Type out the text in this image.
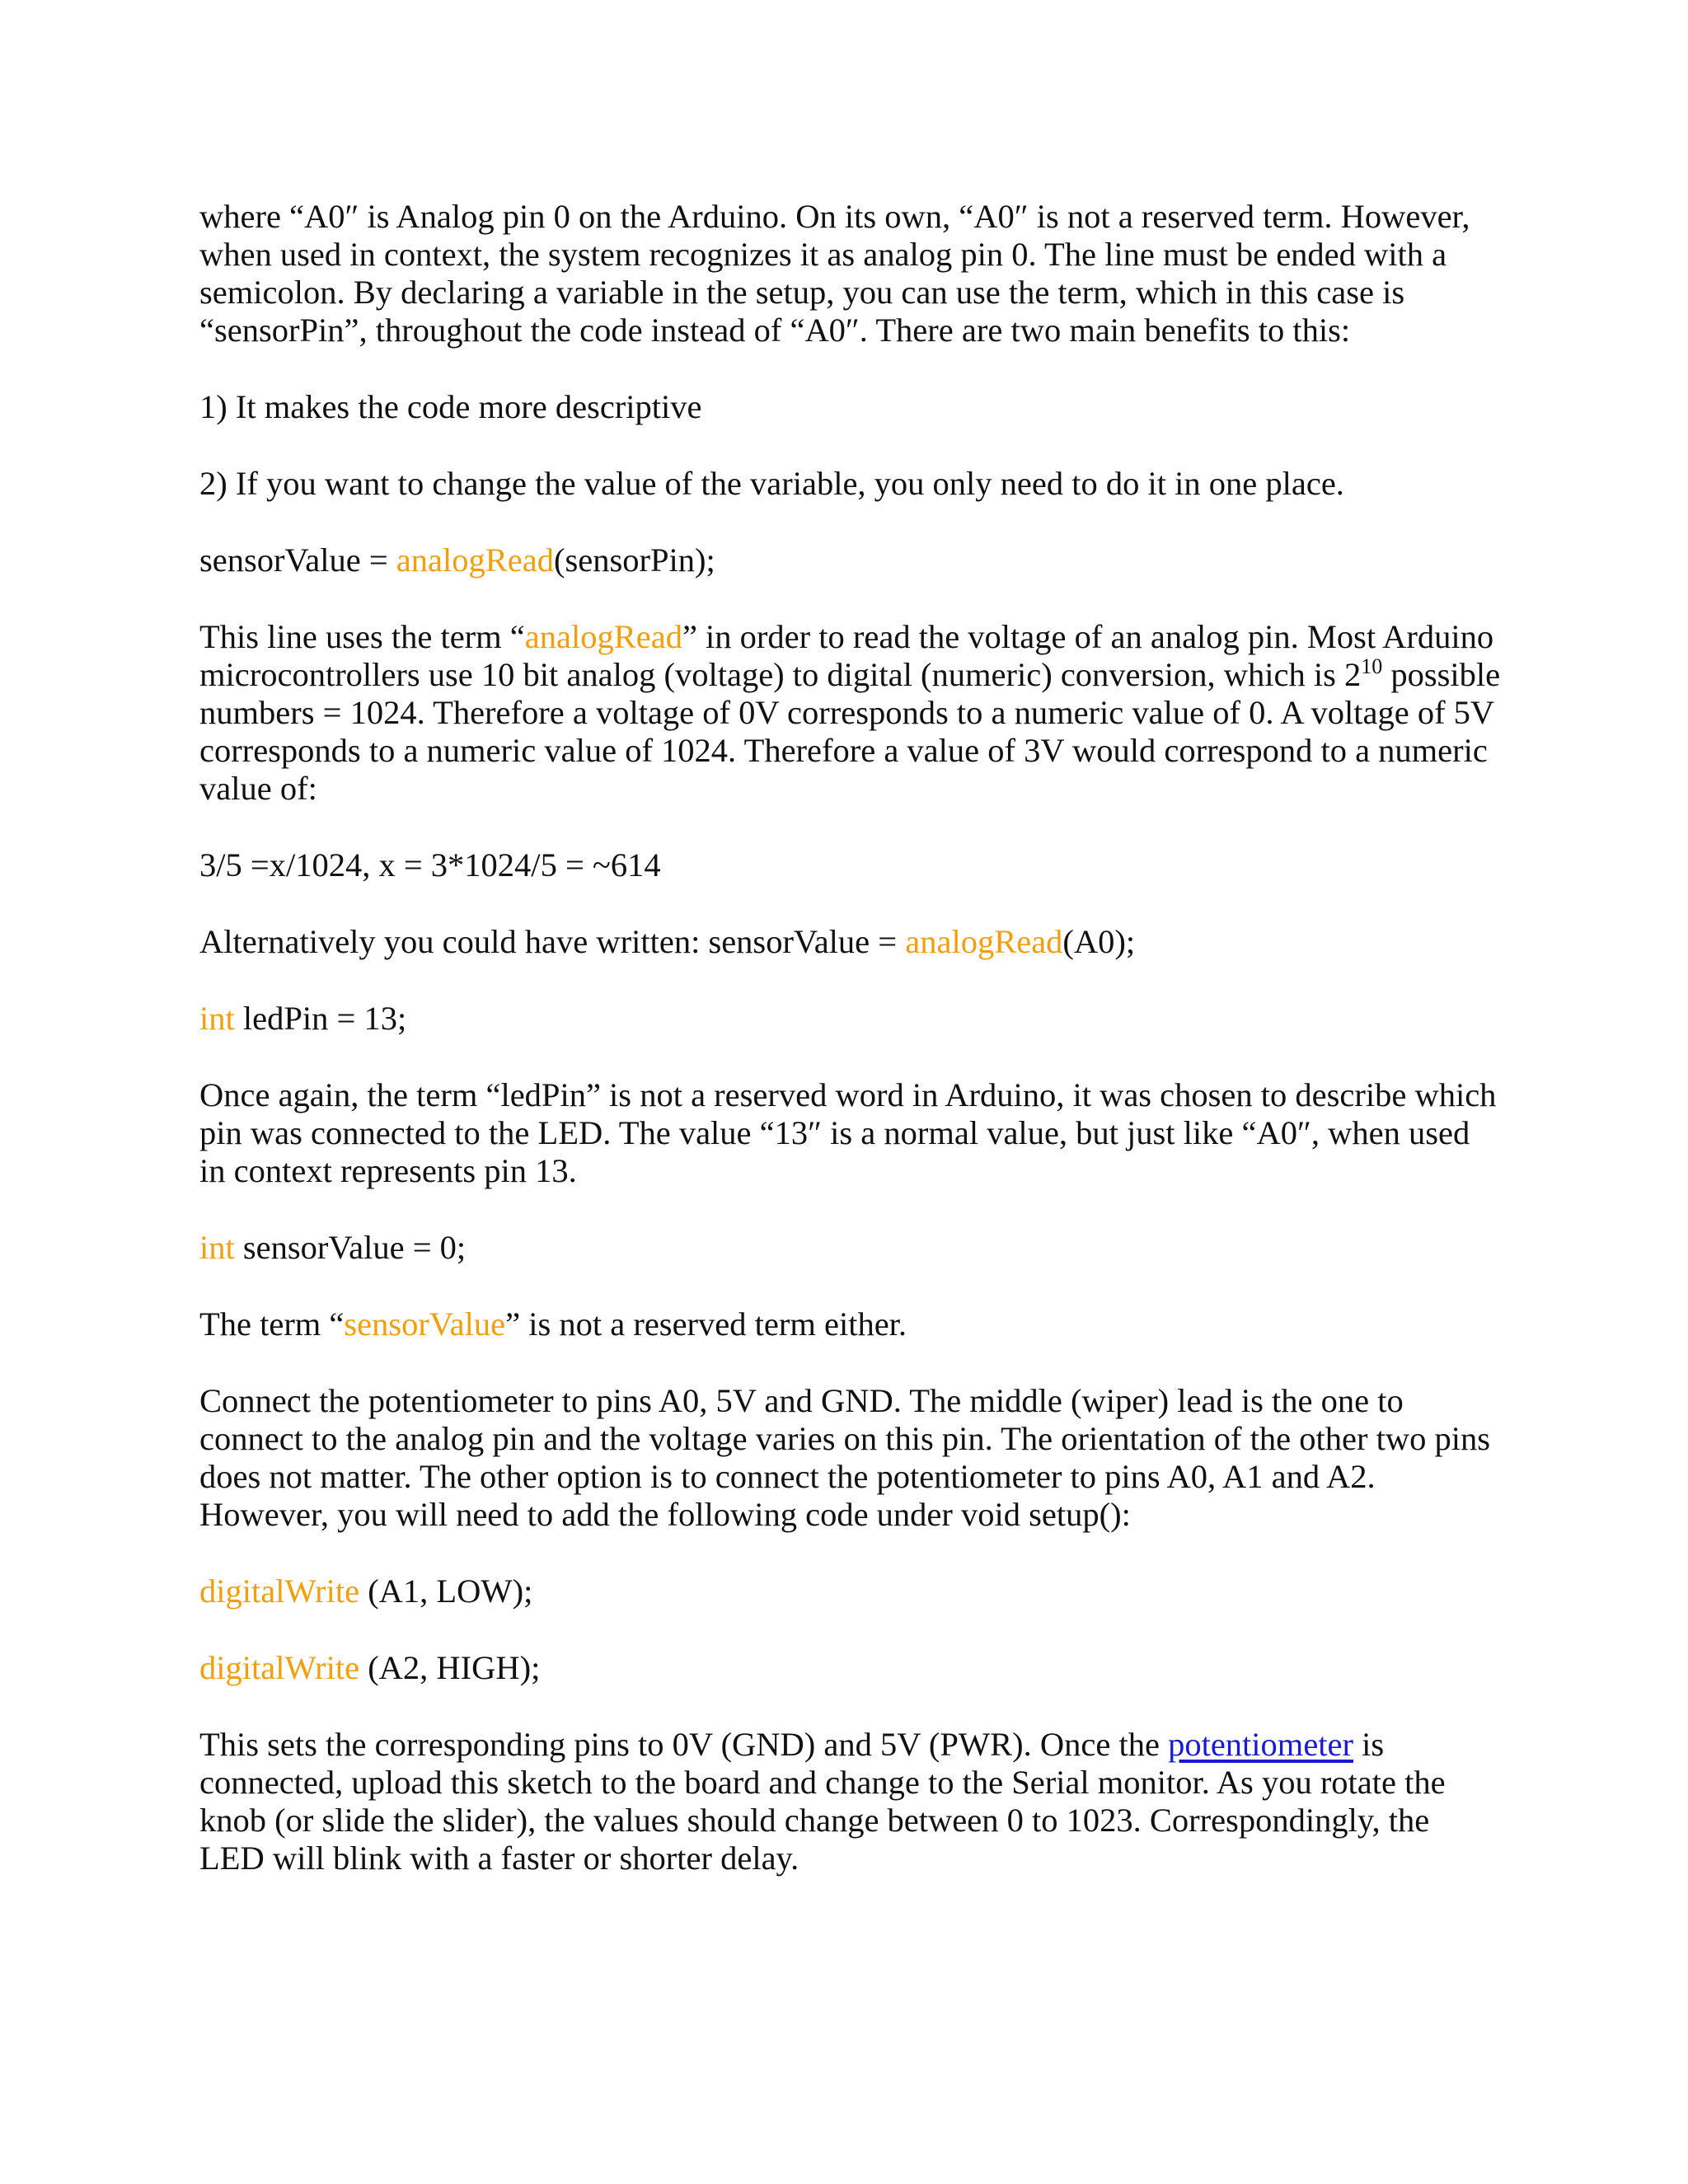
where “A0″ is Analog pin 0 on the Arduino. On its own, “A0″ is not a reserved term. However, when used in context, the system recognizes it as analog pin 0. The line must be ended with a semicolon. By declaring a variable in the setup, you can use the term, which in this case is “sensorPin”, throughout the code instead of “A0″. There are two main benefits to this:

1) It makes the code more descriptive

2) If you want to change the value of the variable, you only need to do it in one place.

sensorValue = analogRead(sensorPin);

This line uses the term “analogRead” in order to read the voltage of an analog pin. Most Arduino microcontrollers use 10 bit analog (voltage) to digital (numeric) conversion, which is $2^{10}$ possible numbers = 1024. Therefore a voltage of 0V corresponds to a numeric value of 0. A voltage of 5V corresponds to a numeric value of 1024. Therefore a value of 3V would correspond to a numeric value of:

3/5 =x/1024, x = 3*1024/5 = ~614

Alternatively you could have written: sensorValue = analogRead(A0);

int ledPin = 13;

Once again, the term “ledPin” is not a reserved word in Arduino, it was chosen to describe which pin was connected to the LED. The value “13″ is a normal value, but just like “A0″, when used in context represents pin 13.

int sensorValue = 0;

The term “sensorValue” is not a reserved term either.

Connect the potentiometer to pins A0, 5V and GND. The middle (wiper) lead is the one to connect to the analog pin and the voltage varies on this pin. The orientation of the other two pins does not matter. The other option is to connect the potentiometer to pins A0, A1 and A2. However, you will need to add the following code under void setup():

digitalWrite (A1, LOW);

digitalWrite (A2, HIGH);

This sets the corresponding pins to 0V (GND) and 5V (PWR). Once the potentiometer is connected, upload this sketch to the board and change to the Serial monitor. As you rotate the knob (or slide the slider), the values should change between 0 to 1023. Correspondingly, the LED will blink with a faster or shorter delay.
